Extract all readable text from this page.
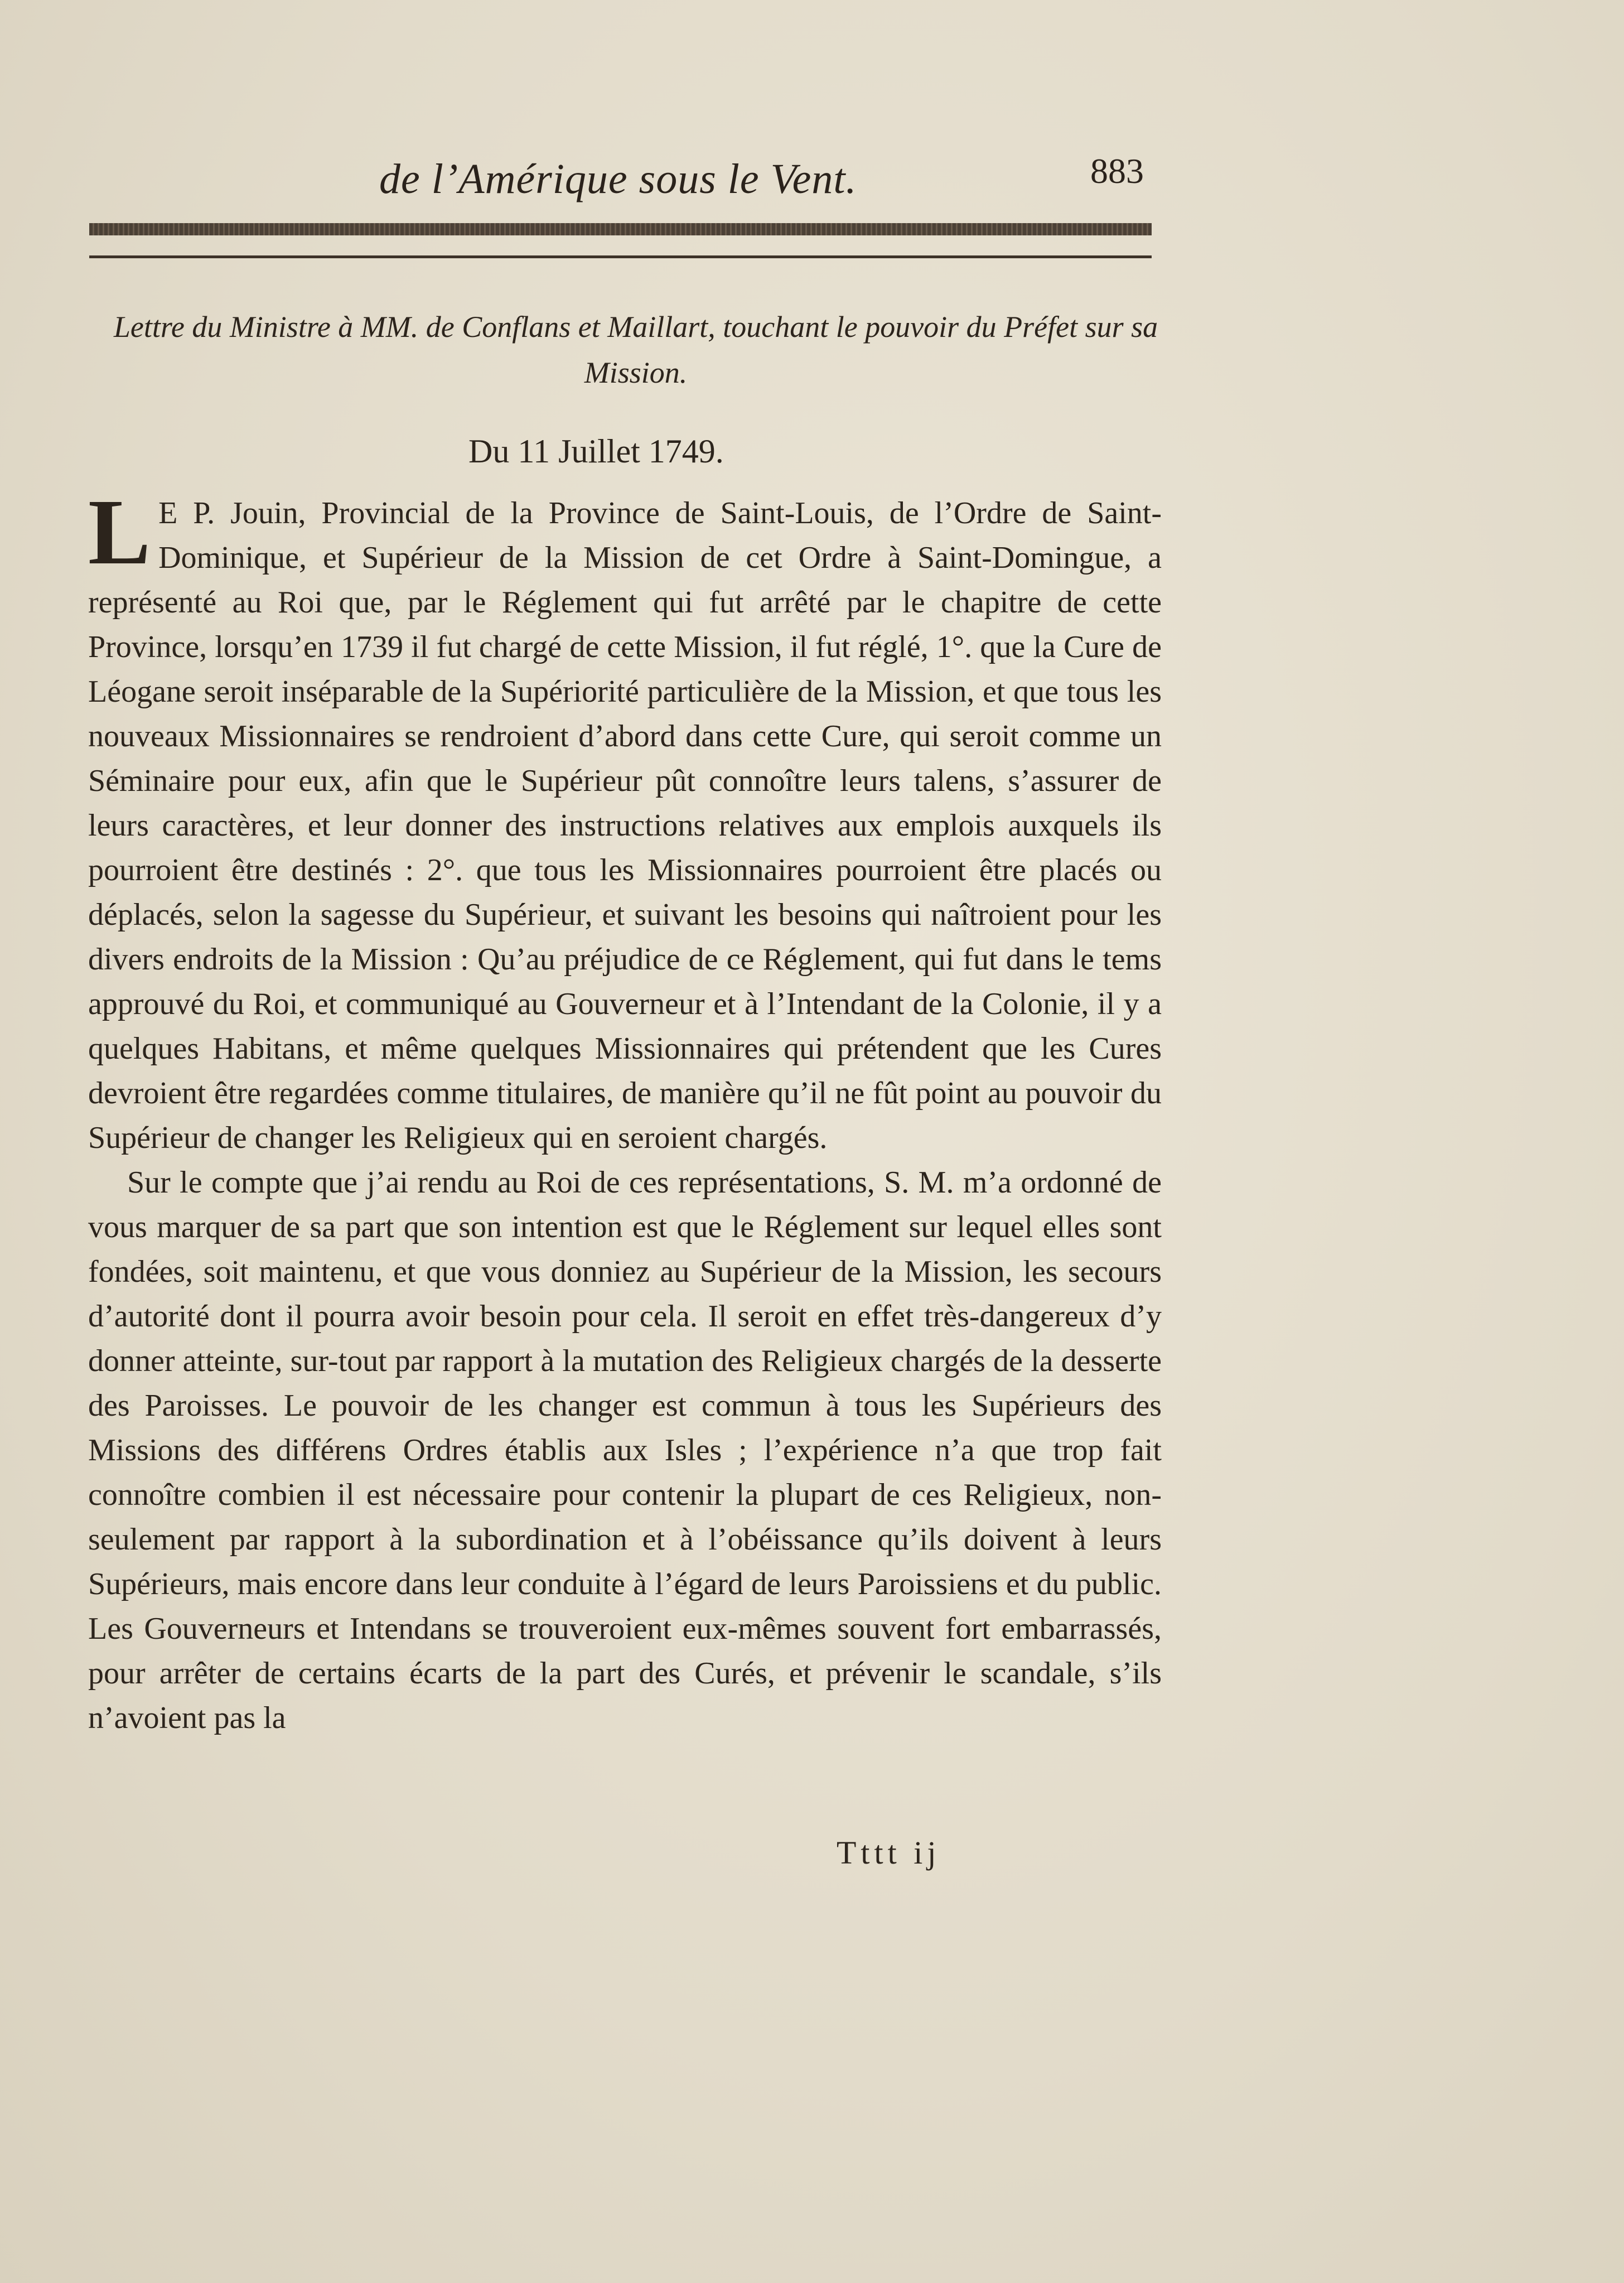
de l’Amérique sous le Vent.	883
Lettre du Ministre à MM. de Conflans et Maillart, touchant le pouvoir du Préfet sur sa Mission.
Du 11 Juillet 1749.

L E P. Jouin, Provincial de la Province de Saint-Louis, de l’Ordre de Saint-Dominique, et Supérieur de la Mission de cet Ordre à Saint-Domingue, a représenté au Roi que, par le Réglement qui fut arrêté par le chapitre de cette Province, lorsqu’en 1739 il fut chargé de cette Mission, il fut réglé, 1°. que la Cure de Léogane seroit inséparable de la Supériorité particulière de la Mission, et que tous les nouveaux Missionnaires se rendroient d’abord dans cette Cure, qui seroit comme un Séminaire pour eux, afin que le Supérieur pût connoître leurs talens, s’assurer de leurs caractères, et leur donner des instructions relatives aux emplois auxquels ils pourroient être destinés : 2°. que tous les Missionnaires pourroient être placés ou déplacés, selon la sagesse du Supérieur, et suivant les besoins qui naîtroient pour les divers endroits de la Mission : Qu’au préjudice de ce Réglement, qui fut dans le tems approuvé du Roi, et communiqué au Gouverneur et à l’Intendant de la Colonie, il y a quelques Habitans, et même quelques Missionnaires qui prétendent que les Cures devroient être regardées comme titulaires, de manière qu’il ne fût point au pouvoir du Supérieur de changer les Religieux qui en seroient chargés.

Sur le compte que j’ai rendu au Roi de ces représentations, S. M. m’a ordonné de vous marquer de sa part que son intention est que le Réglement sur lequel elles sont fondées, soit maintenu, et que vous donniez au Supérieur de la Mission, les secours d’autorité dont il pourra avoir besoin pour cela. Il seroit en effet très-dangereux d’y donner atteinte, sur-tout par rapport à la mutation des Religieux chargés de la desserte des Paroisses. Le pouvoir de les changer est commun à tous les Supérieurs des Missions des différens Ordres établis aux Isles ; l’expérience n’a que trop fait connoître combien il est nécessaire pour contenir la plupart de ces Religieux, non-seulement par rapport à la subordination et à l’obéissance qu’ils doivent à leurs Supérieurs, mais encore dans leur conduite à l’égard de leurs Paroissiens et du public. Les Gouverneurs et Intendans se trouveroient eux-mêmes souvent fort embarrassés, pour arrêter de certains écarts de la part des Curés, et prévenir le scandale, s’ils n’avoient pas la

Tttt ij
